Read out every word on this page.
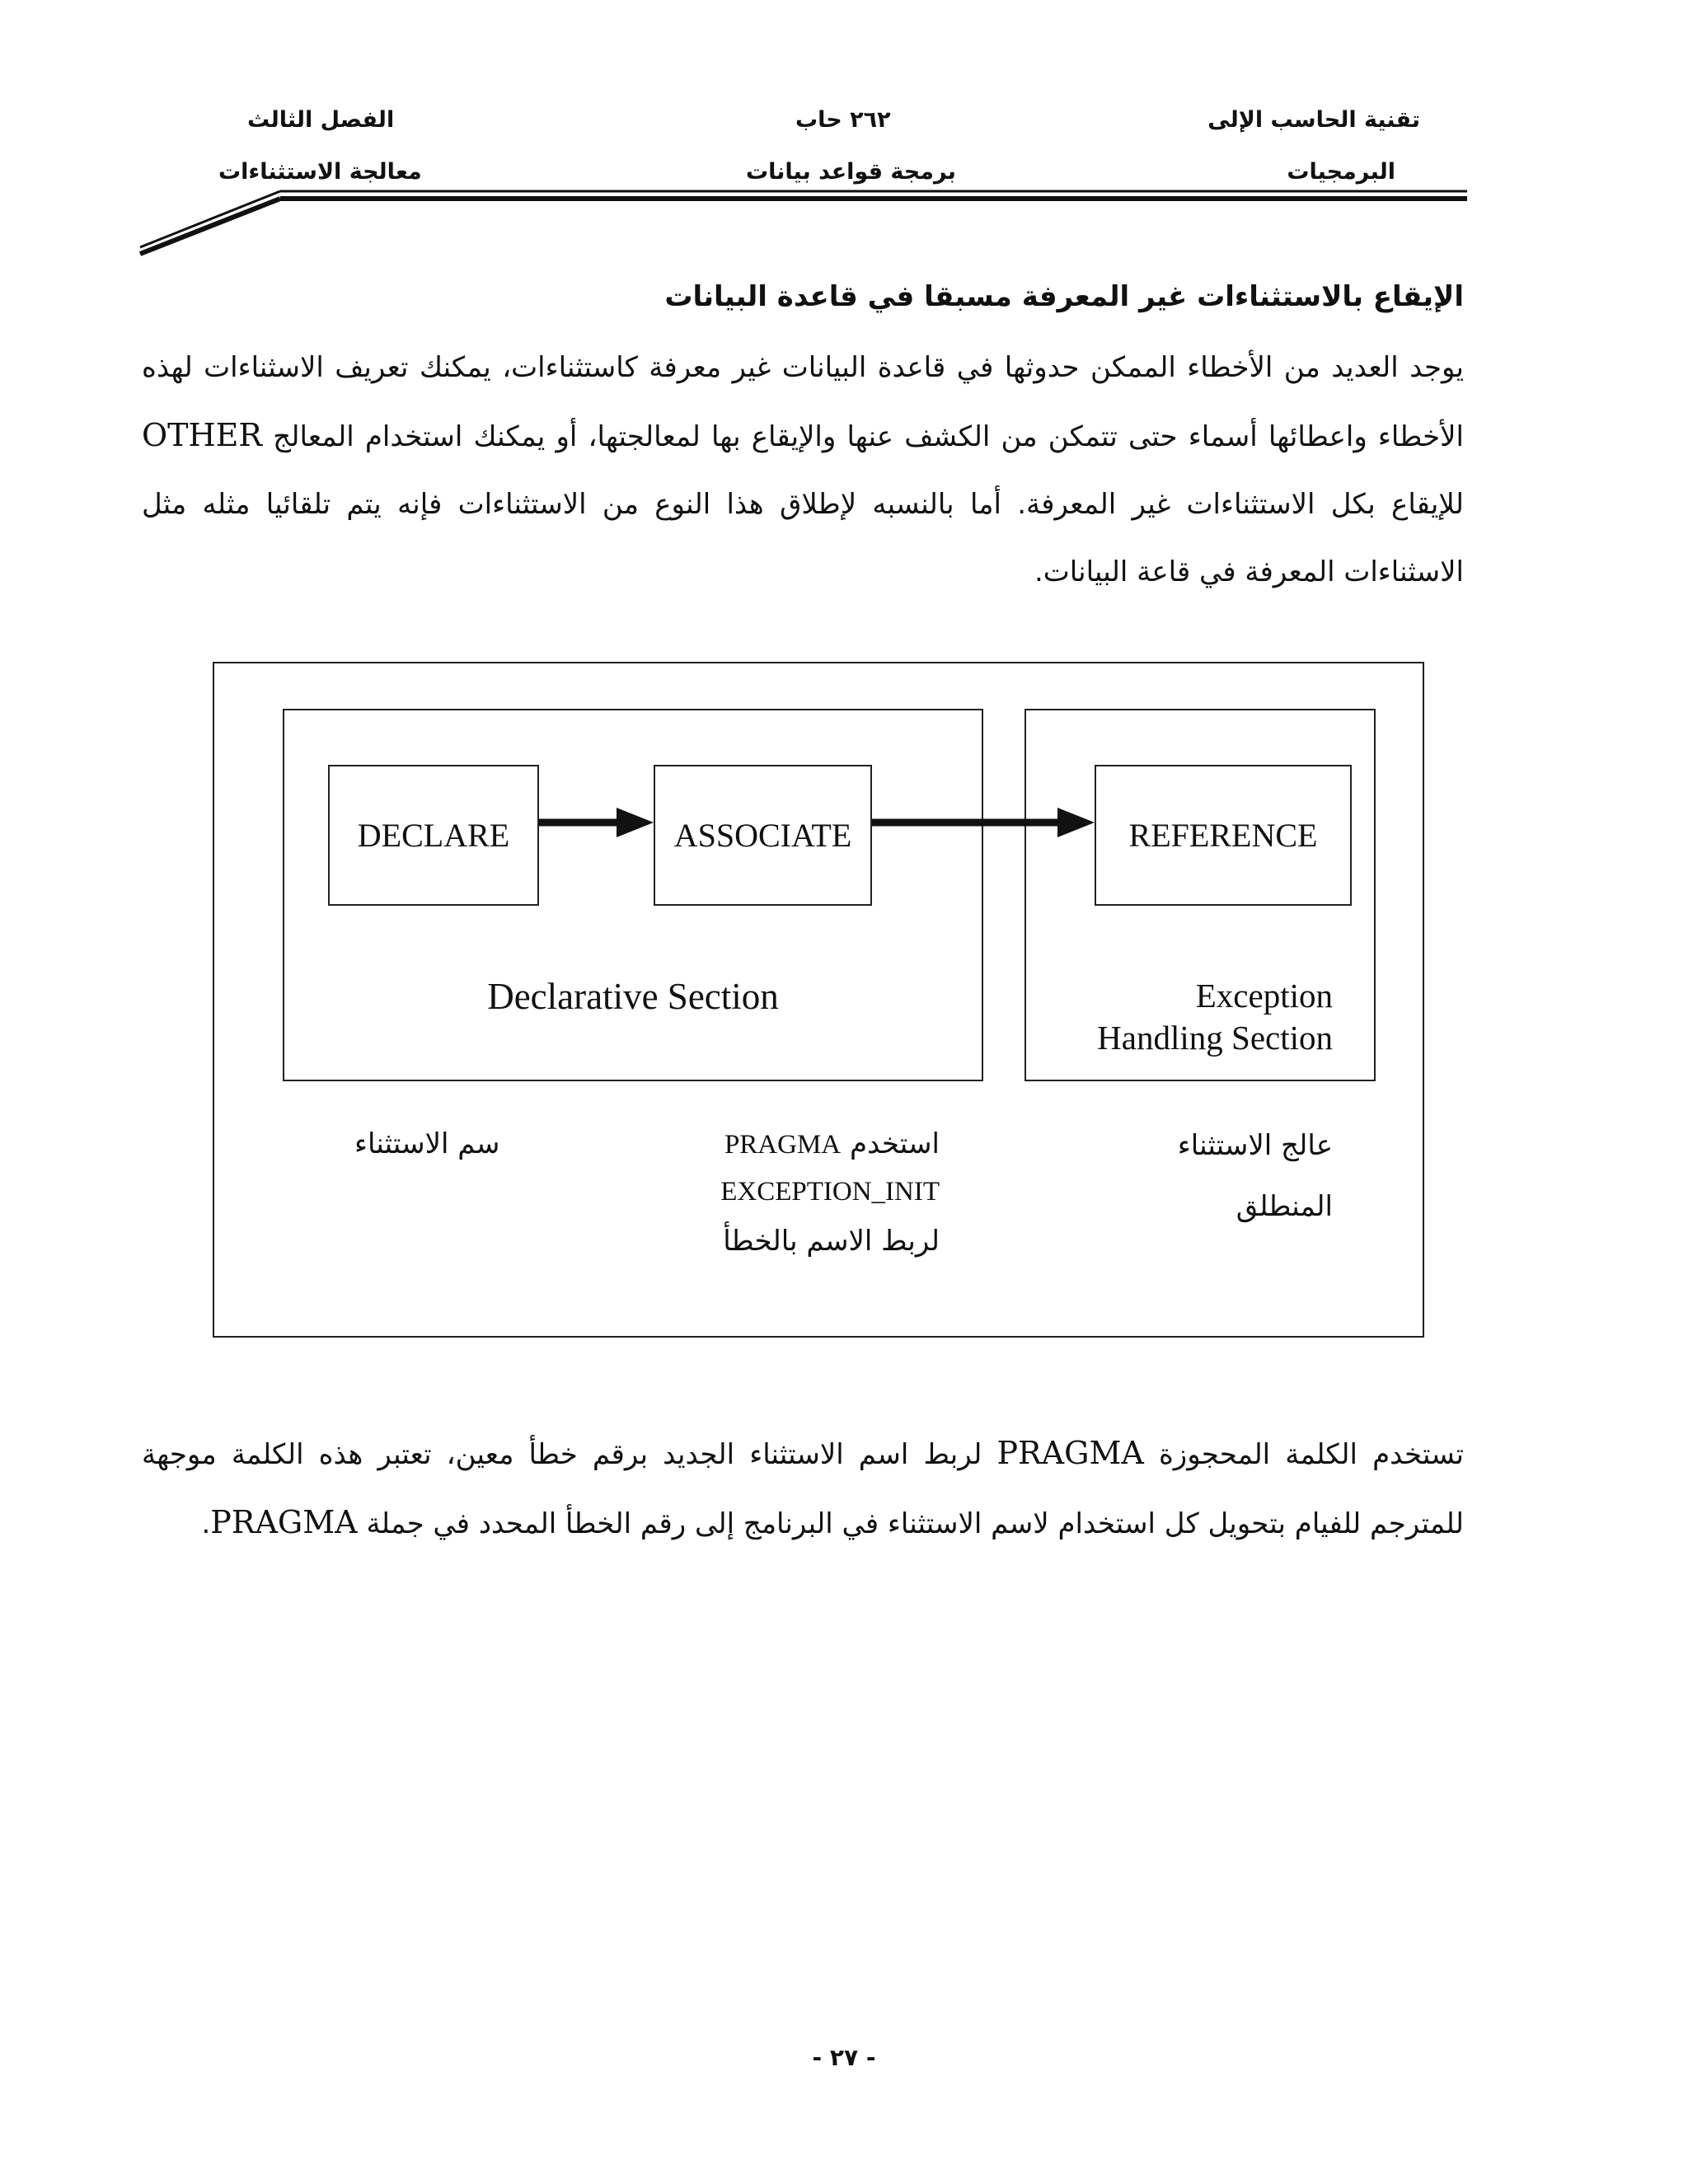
تقنية الحاسب الإلى
البرمجيات
٢٦٢ حاب
برمجة قواعد بيانات
الفصل الثالث
معالجة الاستثناءات
الإيقاع بالاستثناءات غير المعرفة مسبقا في قاعدة البيانات
يوجد العديد من الأخطاء الممكن حدوثها في قاعدة البيانات غير معرفة كاستثناءات، يمكنك تعريف الاسثناءات لهذه الأخطاء واعطائها أسماء حتى تتمكن من الكشف عنها والإيقاع بها لمعالجتها، أو يمكنك استخدام المعالج OTHER للإيقاع بكل الاستثناءات غير المعرفة. أما بالنسبه لإطلاق هذا النوع من الاستثناءات فإنه يتم تلقائيا مثله مثل الاسثناءات المعرفة في قاعة البيانات.
DECLARE	ASSOCIATE	REFERENCE
Declarative Section	Exception
Handling Section
سم الاستثناء	استخدم PRAGMA
EXCEPTION_INIT
لربط الاسم بالخطأ
عالج الاستثناء
المنطلق
تستخدم الكلمة المحجوزة PRAGMA لربط اسم الاستثناء الجديد برقم خطأ معين، تعتبر هذه الكلمة موجهة للمترجم للفيام بتحويل كل استخدام لاسم الاستثناء في البرنامج إلى رقم الخطأ المحدد في جملة PRAGMA.
- ٢٧ -
